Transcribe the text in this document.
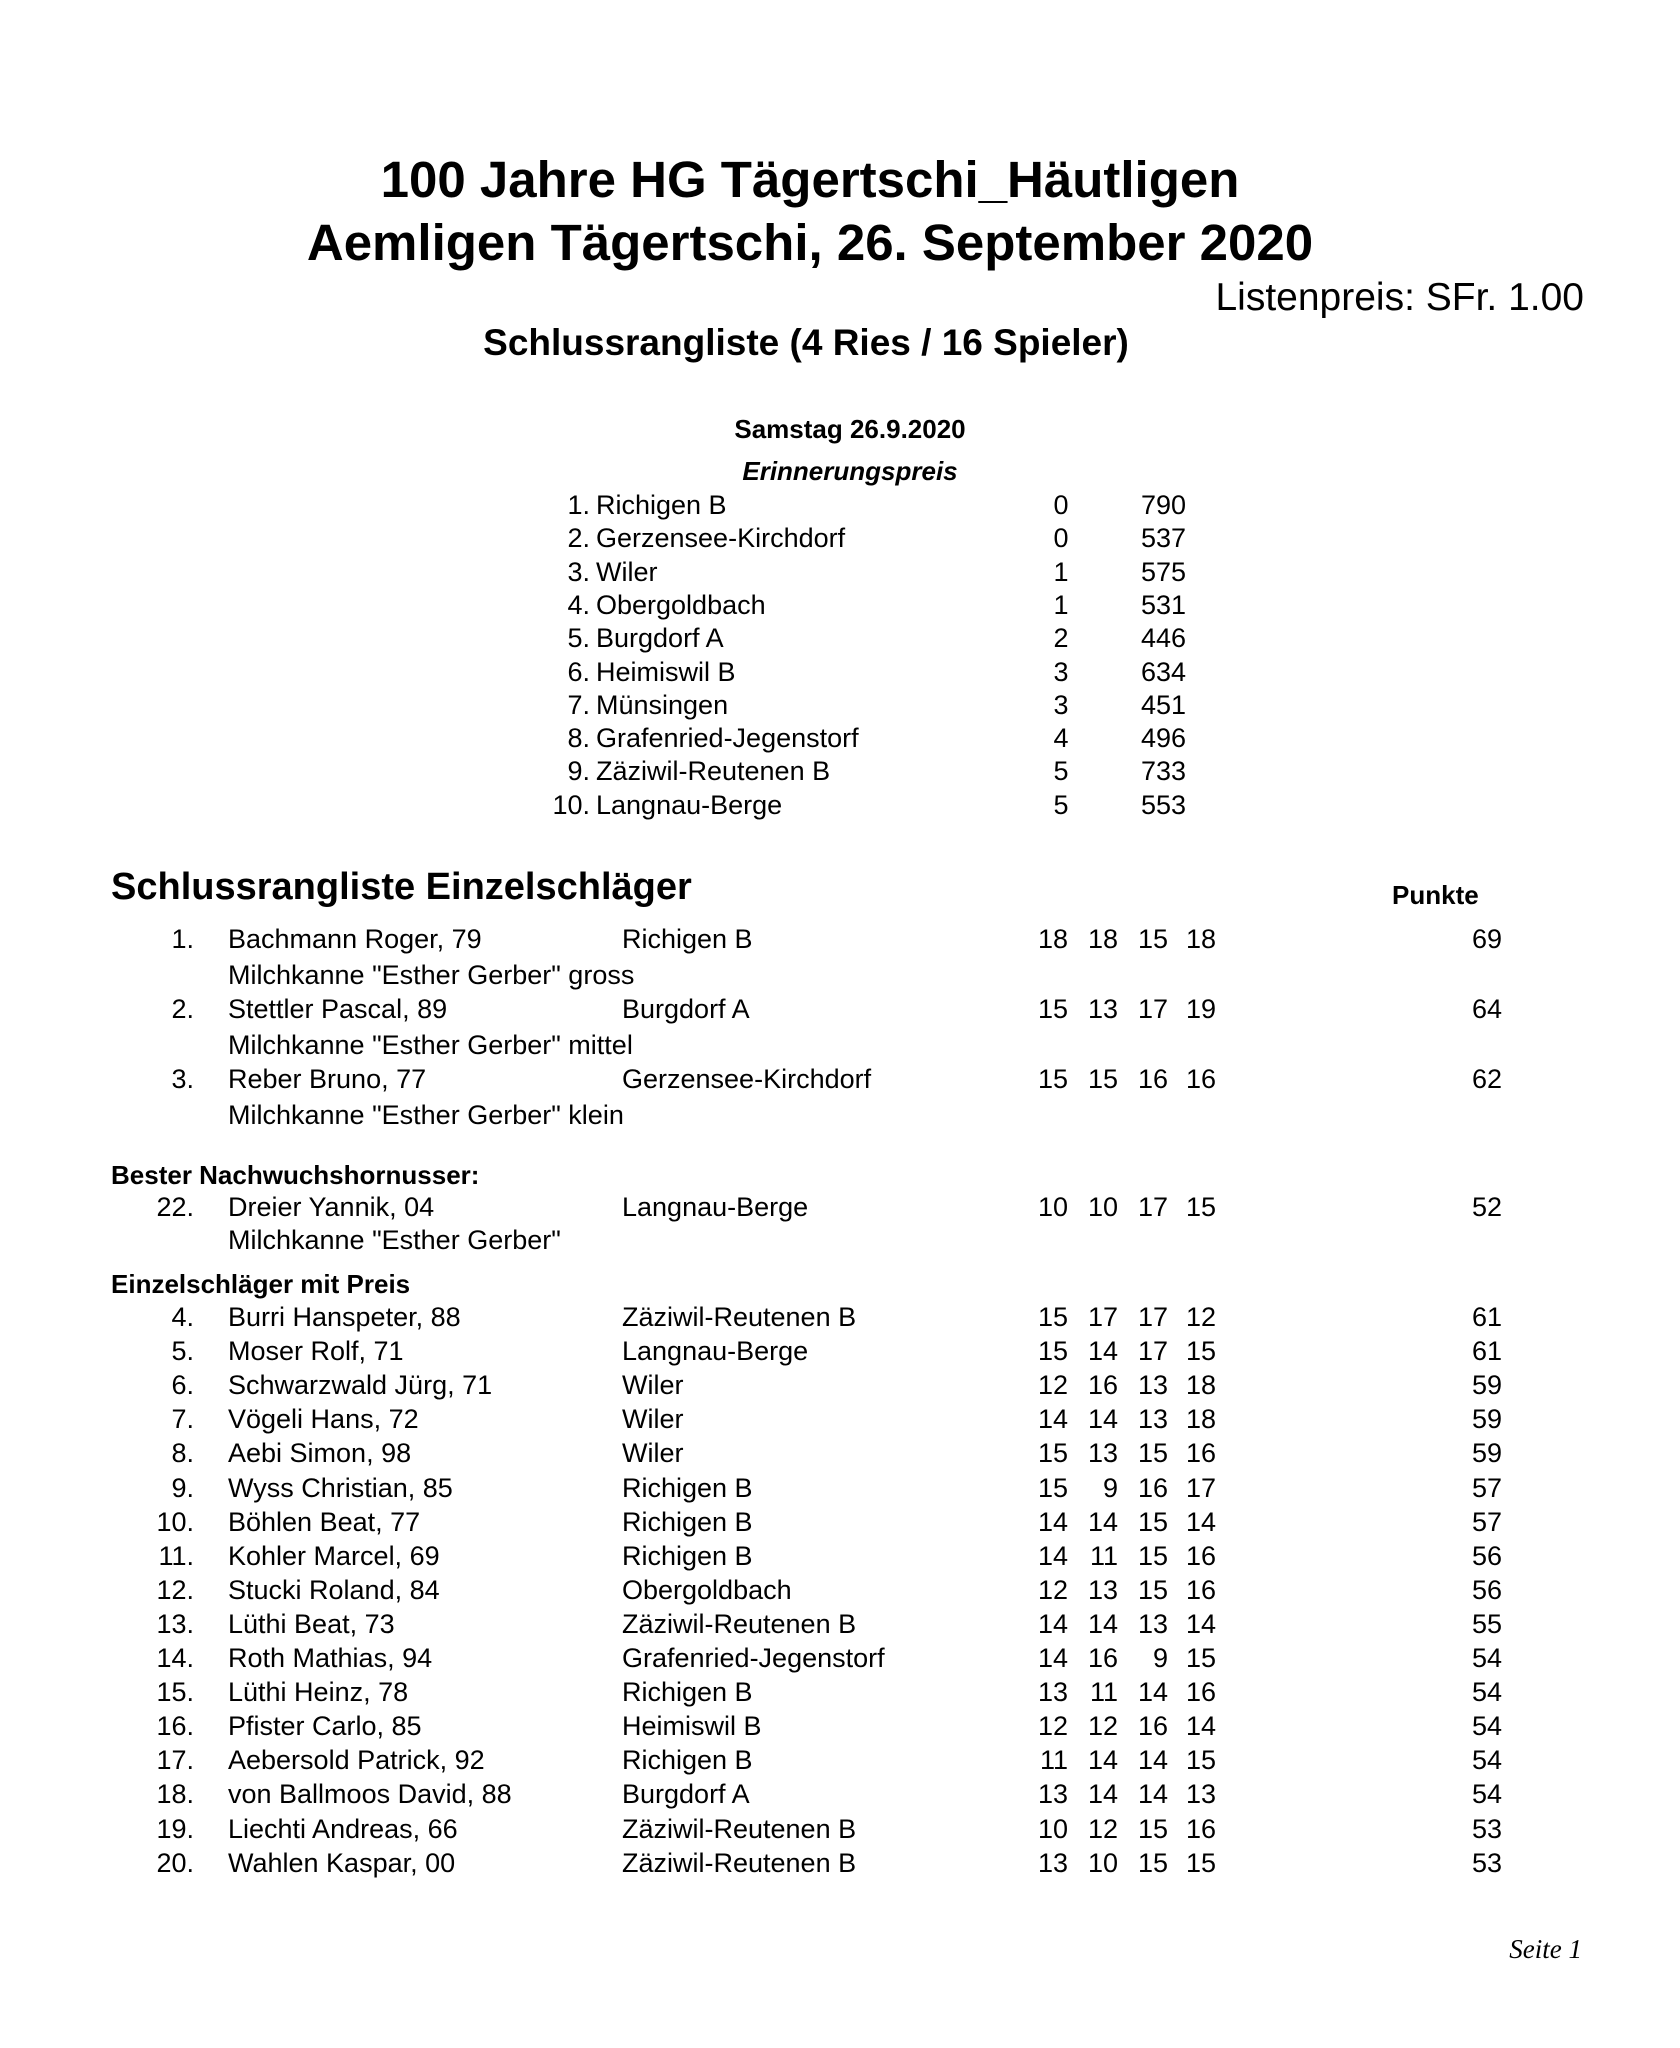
100 Jahre HG Tägertschi_Häutligen
Aemligen Tägertschi, 26. September 2020
Listenpreis: SFr. 1.00
Schlussrangliste (4 Ries / 16 Spieler)
Samstag 26.9.2020
Erinnerungspreis
1. Richigen B	0	790
2. Gerzensee-Kirchdorf	0	537
3. Wiler	1	575
4. Obergoldbach	1	531
5. Burgdorf A	2	446
6. Heimiswil B	3	634
7. Münsingen	3	451
8. Grafenried-Jegenstorf	4	496
9. Zäziwil-Reutenen B	5	733
10. Langnau-Berge	5	553
Schlussrangliste Einzelschläger	Punkte
1. Bachmann Roger, 79	Richigen B	18 18 15 18	69
Milchkanne "Esther Gerber" gross
2. Stettler Pascal, 89	Burgdorf A	15 13 17 19	64
Milchkanne "Esther Gerber" mittel
3. Reber Bruno, 77	Gerzensee-Kirchdorf	15 15 16 16	62
Milchkanne "Esther Gerber" klein
Bester Nachwuchshornusser:
22. Dreier Yannik, 04	Langnau-Berge	10 10 17 15	52
Milchkanne "Esther Gerber"
Einzelschläger mit Preis
4. Burri Hanspeter, 88	Zäziwil-Reutenen B	15 17 17 12	61
5. Moser Rolf, 71	Langnau-Berge	15 14 17 15	61
6. Schwarzwald Jürg, 71	Wiler	12 16 13 18	59
7. Vögeli Hans, 72	Wiler	14 14 13 18	59
8. Aebi Simon, 98	Wiler	15 13 15 16	59
9. Wyss Christian, 85	Richigen B	15	9 16 17	57
10. Böhlen Beat, 77	Richigen B	14 14 15 14	57
11. Kohler Marcel, 69	Richigen B	14 11 15 16	56
12. Stucki Roland, 84	Obergoldbach	12 13 15 16	56
13. Lüthi Beat, 73	Zäziwil-Reutenen B	14 14 13 14	55
14. Roth Mathias, 94	Grafenried-Jegenstorf	14 16	9 15	54
15. Lüthi Heinz, 78	Richigen B	13 11 14 16	54
16. Pfister Carlo, 85	Heimiswil B	12 12 16 14	54
17. Aebersold Patrick, 92	Richigen B	11 14 14 15	54
18. von Ballmoos David, 88	Burgdorf A	13 14 14 13	54
19. Liechti Andreas, 66	Zäziwil-Reutenen B	10 12 15 16	53
20. Wahlen Kaspar, 00	Zäziwil-Reutenen B	13 10 15 15	53
Seite 1
